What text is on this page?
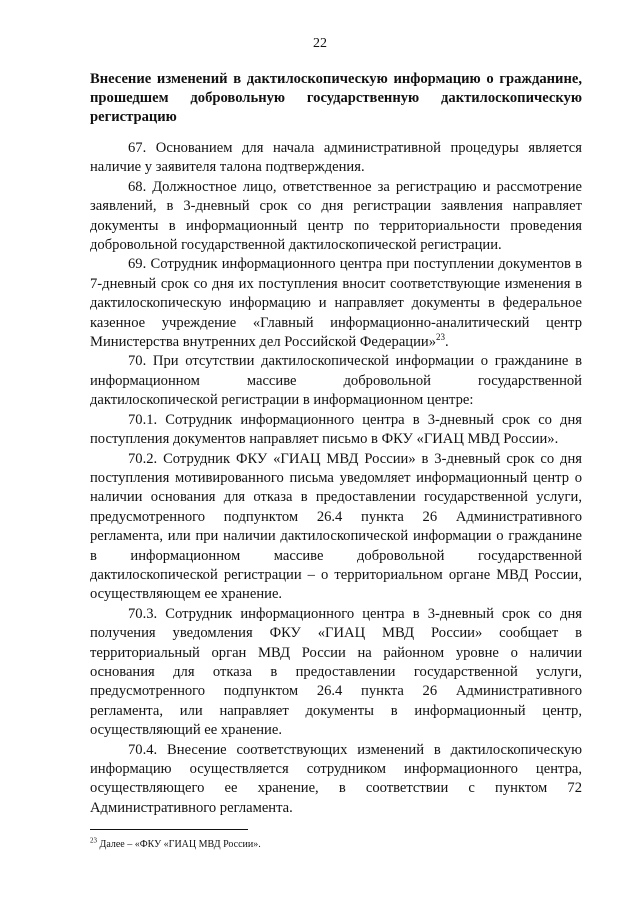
22
Внесение изменений в дактилоскопическую информацию о гражданине, прошедшем добровольную государственную дактилоскопическую регистрацию

67. Основанием для начала административной процедуры является наличие у заявителя талона подтверждения.

68. Должностное лицо, ответственное за регистрацию и рассмотрение заявлений, в 3-дневный срок со дня регистрации заявления направляет документы в информационный центр по территориальности проведения добровольной государственной дактилоскопической регистрации.

69. Сотрудник информационного центра при поступлении документов в 7-дневный срок со дня их поступления вносит соответствующие изменения в дактилоскопическую информацию и направляет документы в федеральное казенное учреждение «Главный информационно-аналитический центр Министерства внутренних дел Российской Федерации»$^{23}$.

70. При отсутствии дактилоскопической информации о гражданине в информационном массиве добровольной государственной дактилоскопической регистрации в информационном центре:

70.1. Сотрудник информационного центра в 3-дневный срок со дня поступления документов направляет письмо в ФКУ «ГИАЦ МВД России».

70.2. Сотрудник ФКУ «ГИАЦ МВД России» в 3-дневный срок со дня поступления мотивированного письма уведомляет информационный центр о наличии основания для отказа в предоставлении государственной услуги, предусмотренного подпунктом 26.4 пункта 26 Административного регламента, или при наличии дактилоскопической информации о гражданине в информационном массиве добровольной государственной дактилоскопической регистрации – о территориальном органе МВД России, осуществляющем ее хранение.

70.3. Сотрудник информационного центра в 3-дневный срок со дня получения уведомления ФКУ «ГИАЦ МВД России» сообщает в территориальный орган МВД России на районном уровне о наличии основания для отказа в предоставлении государственной услуги, предусмотренного подпунктом 26.4 пункта 26 Административного регламента, или направляет документы в информационный центр, осуществляющий ее хранение.

70.4. Внесение соответствующих изменений в дактилоскопическую информацию осуществляется сотрудником информационного центра, осуществляющего ее хранение, в соответствии с пунктом 72 Административного регламента.

$^{23}$ Далее – «ФКУ «ГИАЦ МВД России».
